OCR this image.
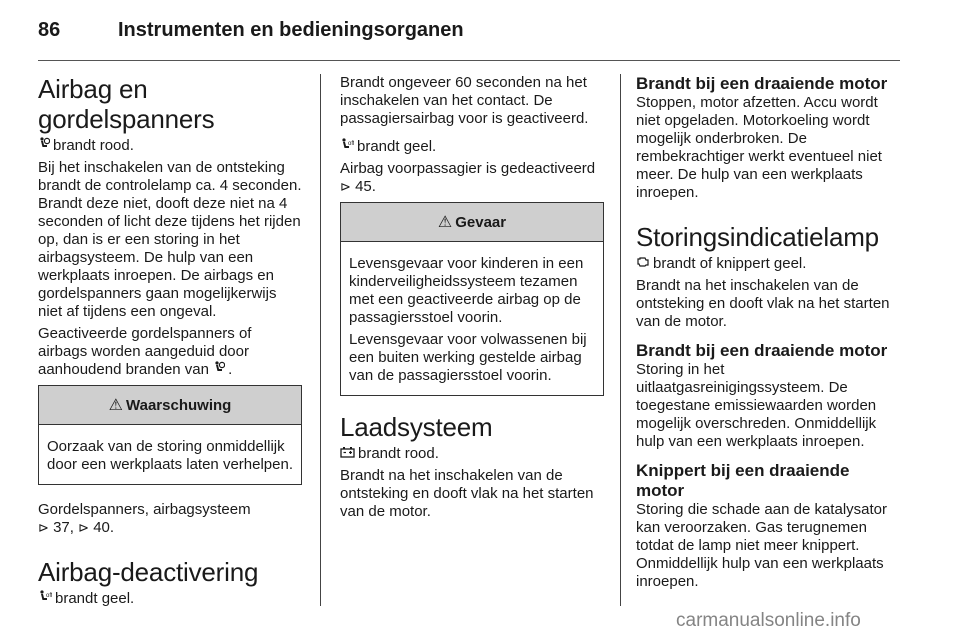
86	Instrumenten en bedieningsorganen
Airbag en gordelspanners

brandt rood.

Bij het inschakelen van de ontsteking brandt de controlelamp ca. 4 seconden. Brandt deze niet, dooft deze niet na 4 seconden of licht deze tijdens het rijden op, dan is er een storing in het airbagsysteem. De hulp van een werkplaats inroepen. De airbags en gordelspanners gaan mogelijkerwijs niet af tijdens een ongeval.

Geactiveerde gordelspanners of airbags worden aangeduid door aanhoudend branden van .

⚠ Waarschuwing

Oorzaak van de storing onmiddellijk door een werkplaats laten verhelpen.

Gordelspanners, airbagsysteem
⊳ 37, ⊳ 40.

Airbag-deactivering

off brandt geel.

Brandt ongeveer 60 seconden na het inschakelen van het contact. De passagiersairbag voor is geactiveerd.

off brandt geel.

Airbag voorpassagier is gedeactiveerd ⊳ 45.

⚠ Gevaar

Levensgevaar voor kinderen in een kinderveiligheidssysteem tezamen met een geactiveerde airbag op de passagiersstoel voorin.

Levensgevaar voor volwassenen bij een buiten werking gestelde airbag van de passagiersstoel voorin.

Laadsysteem

brandt rood.

Brandt na het inschakelen van de ontsteking en dooft vlak na het starten van de motor.

Brandt bij een draaiende motor

Stoppen, motor afzetten. Accu wordt niet opgeladen. Motorkoeling wordt mogelijk onderbroken. De rembekrachtiger werkt eventueel niet meer. De hulp van een werkplaats inroepen.

Storingsindicatielamp

brandt of knippert geel.

Brandt na het inschakelen van de ontsteking en dooft vlak na het starten van de motor.

Brandt bij een draaiende motor

Storing in het uitlaatgasreinigingssysteem. De toegestane emissiewaarden worden mogelijk overschreden. Onmiddellijk hulp van een werkplaats inroepen.

Knippert bij een draaiende motor

Storing die schade aan de katalysator kan veroorzaken. Gas terugnemen totdat de lamp niet meer knippert. Onmiddellijk hulp van een werkplaats inroepen.

carmanualsonline.info
